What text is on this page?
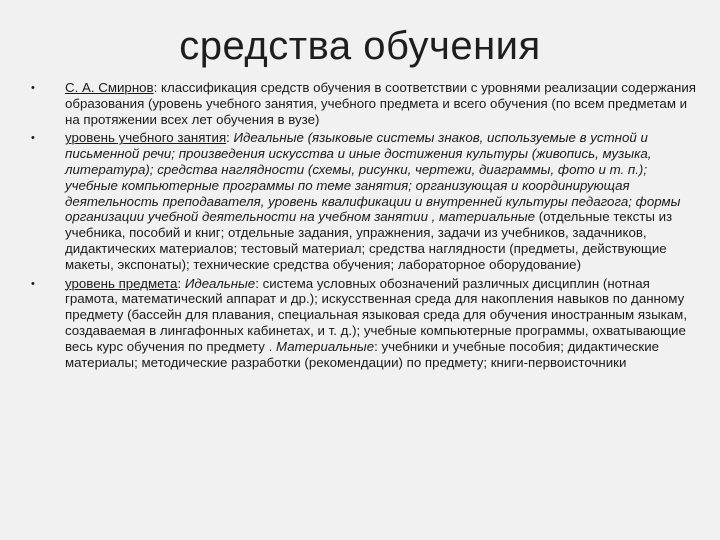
средства обучения
• С. А. Смирнов: классификация средств обучения в соответствии с уровнями реализации содержания образования (уровень учебного занятия, учебного предмета и всего обучения (по всем предметам и на протяжении всех лет обучения в вузе)
• уровень учебного занятия: Идеальные (языковые системы знаков, используемые в устной и письменной речи; произведения искусства и иные достижения культуры (живопись, музыка, литература); средства наглядности (схемы, рисунки, чертежи, диаграммы, фото и т. п.); учебные компьютерные программы по теме занятия; организующая и координирующая деятельность преподавателя, уровень квалификации и внутренней культуры педагога; формы организации учебной деятельности на учебном занятии , материальные (отдельные тексты из учебника, пособий и книг; отдельные задания, упражнения, задачи из учебников, задачников, дидактических материалов; тестовый материал; средства наглядности (предметы, действующие макеты, экспонаты); технические средства обучения; лабораторное оборудование)
• уровень предмета: Идеальные: система условных обозначений различных дисциплин (нотная грамота, математический аппарат и др.); искусственная среда для накопления навыков по данному предмету (бассейн для плавания, специальная языковая среда для обучения иностранным языкам, создаваемая в лингафонных кабинетах, и т. д.); учебные компьютерные программы, охватывающие весь курс обучения по предмету . Материальные: учебники и учебные пособия; дидактические материалы; методические разработки (рекомендации) по предмету; книги-первоисточники
